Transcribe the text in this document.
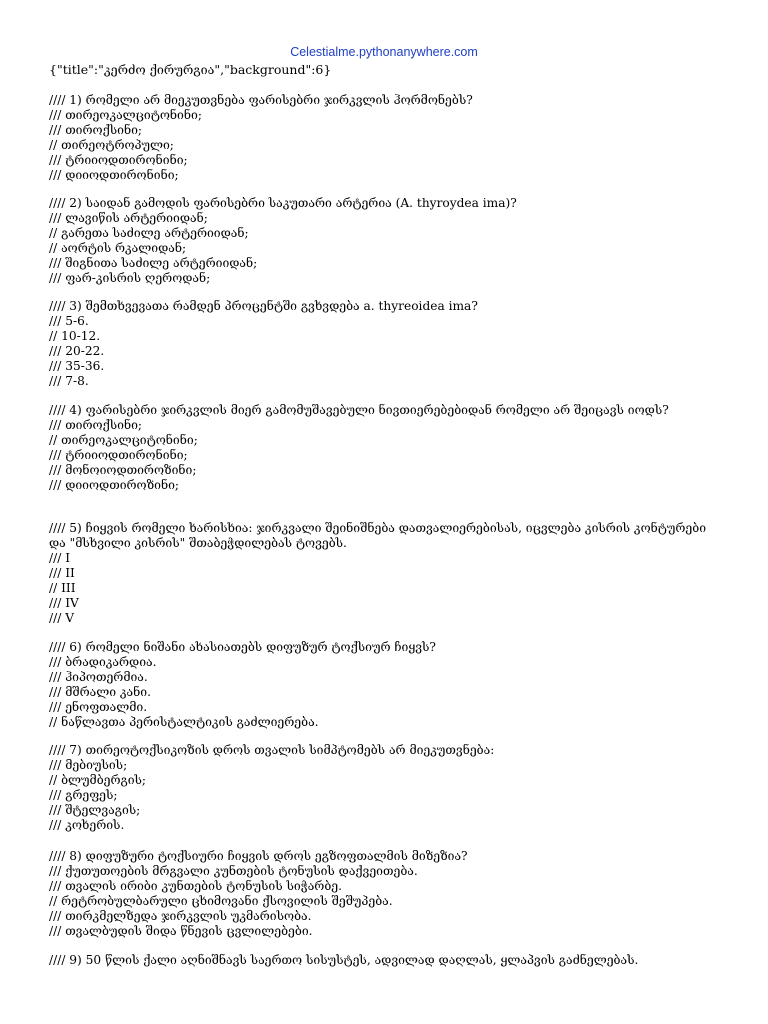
Celestialme.pythonanywhere.com
{"title":"კერძო ქირურგია","background":6}
//// 1) რომელი არ მიეკუთვნება ფარისებრი ჯირკვლის ჰორმონებს?
/// თირეოკალციტონინი;
/// თიროქსინი;
// თირეოტროპული;
/// ტრიიოდთირონინი;
/// დიიოდთირონინი;
//// 2) საიდან გამოდის ფარისებრი საკუთარი არტერია (A. thyroydea ima)?
/// ლავიწის არტერიიდან;
// გარეთა საძილე არტერიიდან;
// აორტის რკალიდან;
/// შიგნითა საძილე არტერიიდან;
/// ფარ-კისრის ღეროდან;
//// 3) შემთხვევათა რამდენ პროცენტში გვხვდება a. thyreoidea ima?
/// 5-6.
// 10-12.
/// 20-22.
/// 35-36.
/// 7-8.
//// 4) ფარისებრი ჯირკვლის მიერ გამომუშავებული ნივთიერებებიდან რომელი არ შეიცავს იოდს?
/// თიროქსინი;
// თირეოკალციტონინი;
/// ტრიიოდთირონინი;
/// მონოიოდთიროზინი;
/// დიიოდთიროზინი;
//// 5) ჩიყვის რომელი ხარისხია: ჯირკვალი შეინიშნება დათვალიერებისას, იცვლება კისრის კონტურები და "მსხვილი კისრის" შთაბეჭდილებას ტოვებს.
/// I
/// II
// III
/// IV
/// V
//// 6) რომელი ნიშანი ახასიათებს დიფუზურ ტოქსიურ ჩიყვს?
/// ბრადიკარდია.
/// ჰიპოთერმია.
/// მშრალი კანი.
/// ენოფთალმი.
// ნაწლავთა პერისტალტიკის გაძლიერება.
//// 7) თირეოტოქსიკოზის დროს თვალის სიმპტომებს არ მიეკუთვნება:
/// მებიუსის;
// ბლუმბერგის;
/// გრეფეს;
/// შტელვაგის;
/// კოხერის.
//// 8) დიფუზური ტოქსიური ჩიყვის დროს ეგზოფთალმის მიზეზია?
/// ქუთუთოების მრგვალი კუნთების ტონუსის დაქვეითება.
/// თვალის ირიბი კუნთების ტონუსის სიჭარბე.
// რეტრობულბარული ცხიმოვანი ქსოვილის შეშუპება.
/// თირკმელზედა ჯირკვლის უკმარისობა.
/// თვალბუდის შიდა წნევის ცვლილებები.
//// 9) 50 წლის ქალი აღნიშნავს საერთო სისუსტეს, ადვილად დაღლას, ყლაპვის გაძნელებას.
